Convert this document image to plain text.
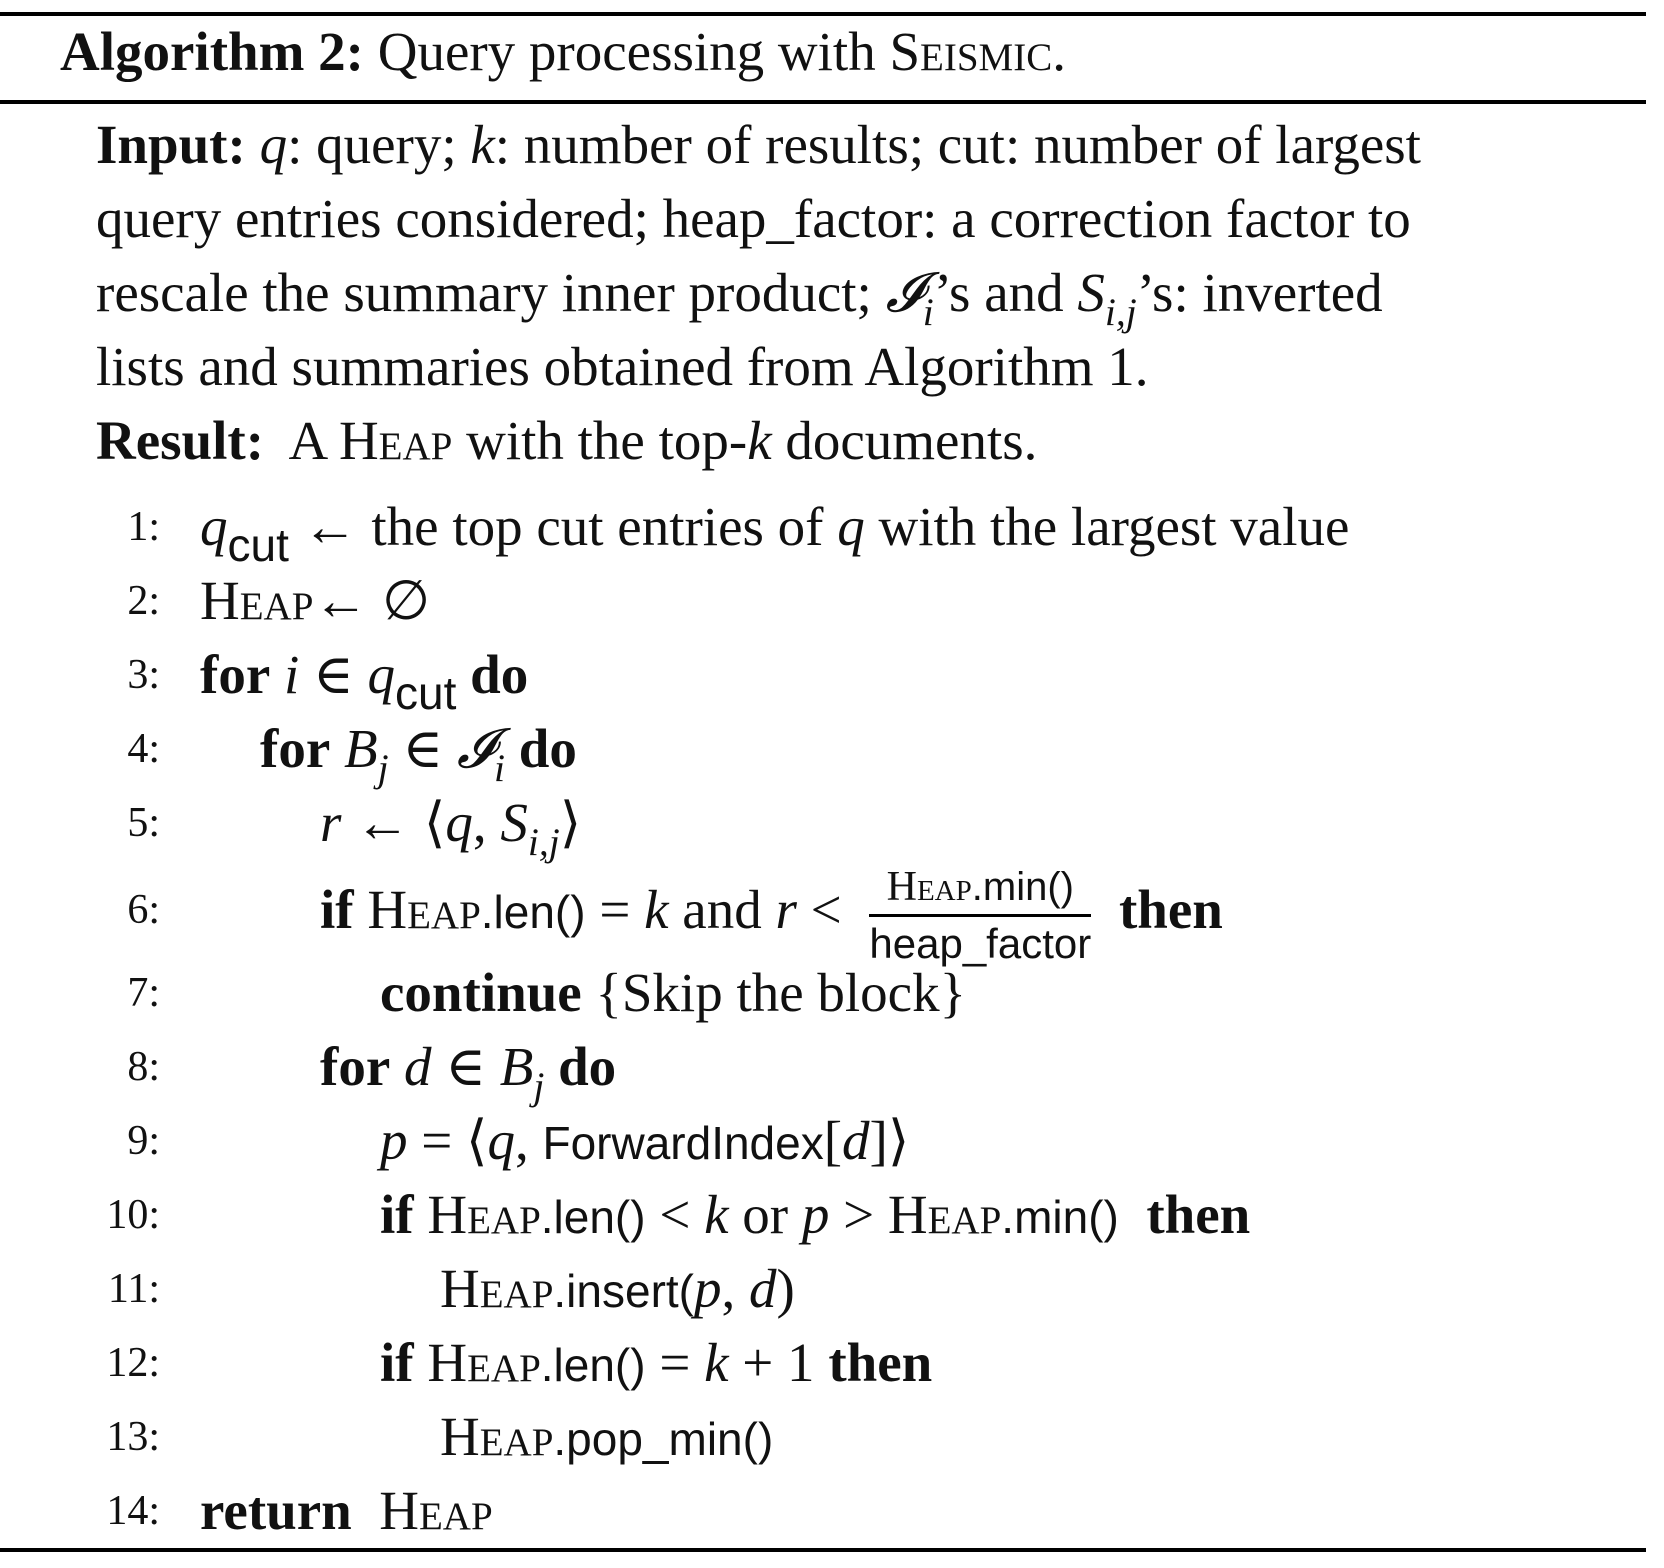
Algorithm 2: Query processing with Seismic.
Input: q: query; k: number of results; cut: number of largest
query entries considered; heap_factor: a correction factor to
rescale the summary inner product; 𝓘$_i$’s and $S_{i,j}’s$: inverted
lists and summaries obtained from Algorithm 1.
Result: A Heap with the top-k documents.
1: $q_{cut}$ ← the top cut entries of q with the largest value
2: Heap← ∅
3: for i ∈ $q_{cut}$ do
4: for $B_j$ ∈ 𝓘$_i$ do
5:	r ← ⟨q, $S_{i,j}⟩$
6:	if Heap.len() = k and $r < \frac{\text{Heap.min()}}{\text{heap\_factor}}$ then
7:	continue {Skip the block}
8:	for d ∈ $B_j$ do
9:	p = ⟨q, ForwardIndex[d]⟩
10:	if Heap.len() < k or p > Heap.min() then
11:	Heap.insert(p, d)
12:	if Heap.len() = k + 1 then
13:	Heap.pop_min()
14: return Heap
